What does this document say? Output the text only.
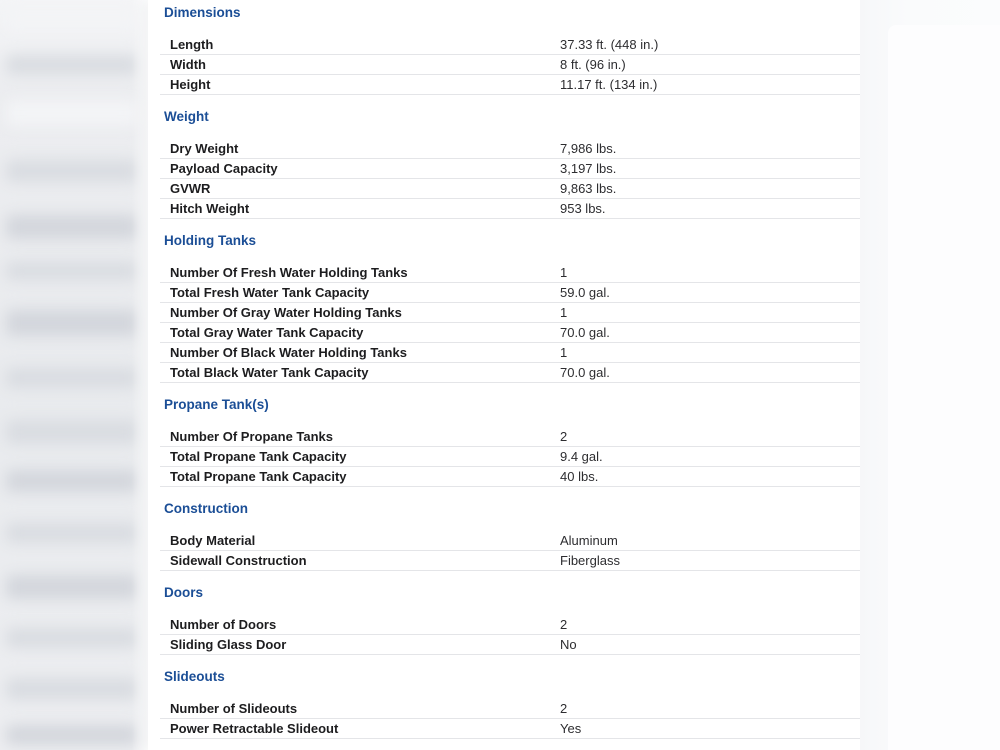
Dimensions
Length	37.33 ft. (448 in.)
Width	8 ft. (96 in.)
Height	11.17 ft. (134 in.)
Weight
Dry Weight	7,986 lbs.
Payload Capacity	3,197 lbs.
GVWR	9,863 lbs.
Hitch Weight	953 lbs.
Holding Tanks
Number Of Fresh Water Holding Tanks	1
Total Fresh Water Tank Capacity	59.0 gal.
Number Of Gray Water Holding Tanks	1
Total Gray Water Tank Capacity	70.0 gal.
Number Of Black Water Holding Tanks	1
Total Black Water Tank Capacity	70.0 gal.
Propane Tank(s)
Number Of Propane Tanks	2
Total Propane Tank Capacity	9.4 gal.
Total Propane Tank Capacity	40 lbs.
Construction
Body Material	Aluminum
Sidewall Construction	Fiberglass
Doors
Number of Doors	2
Sliding Glass Door	No
Slideouts
Number of Slideouts	2
Power Retractable Slideout	Yes
